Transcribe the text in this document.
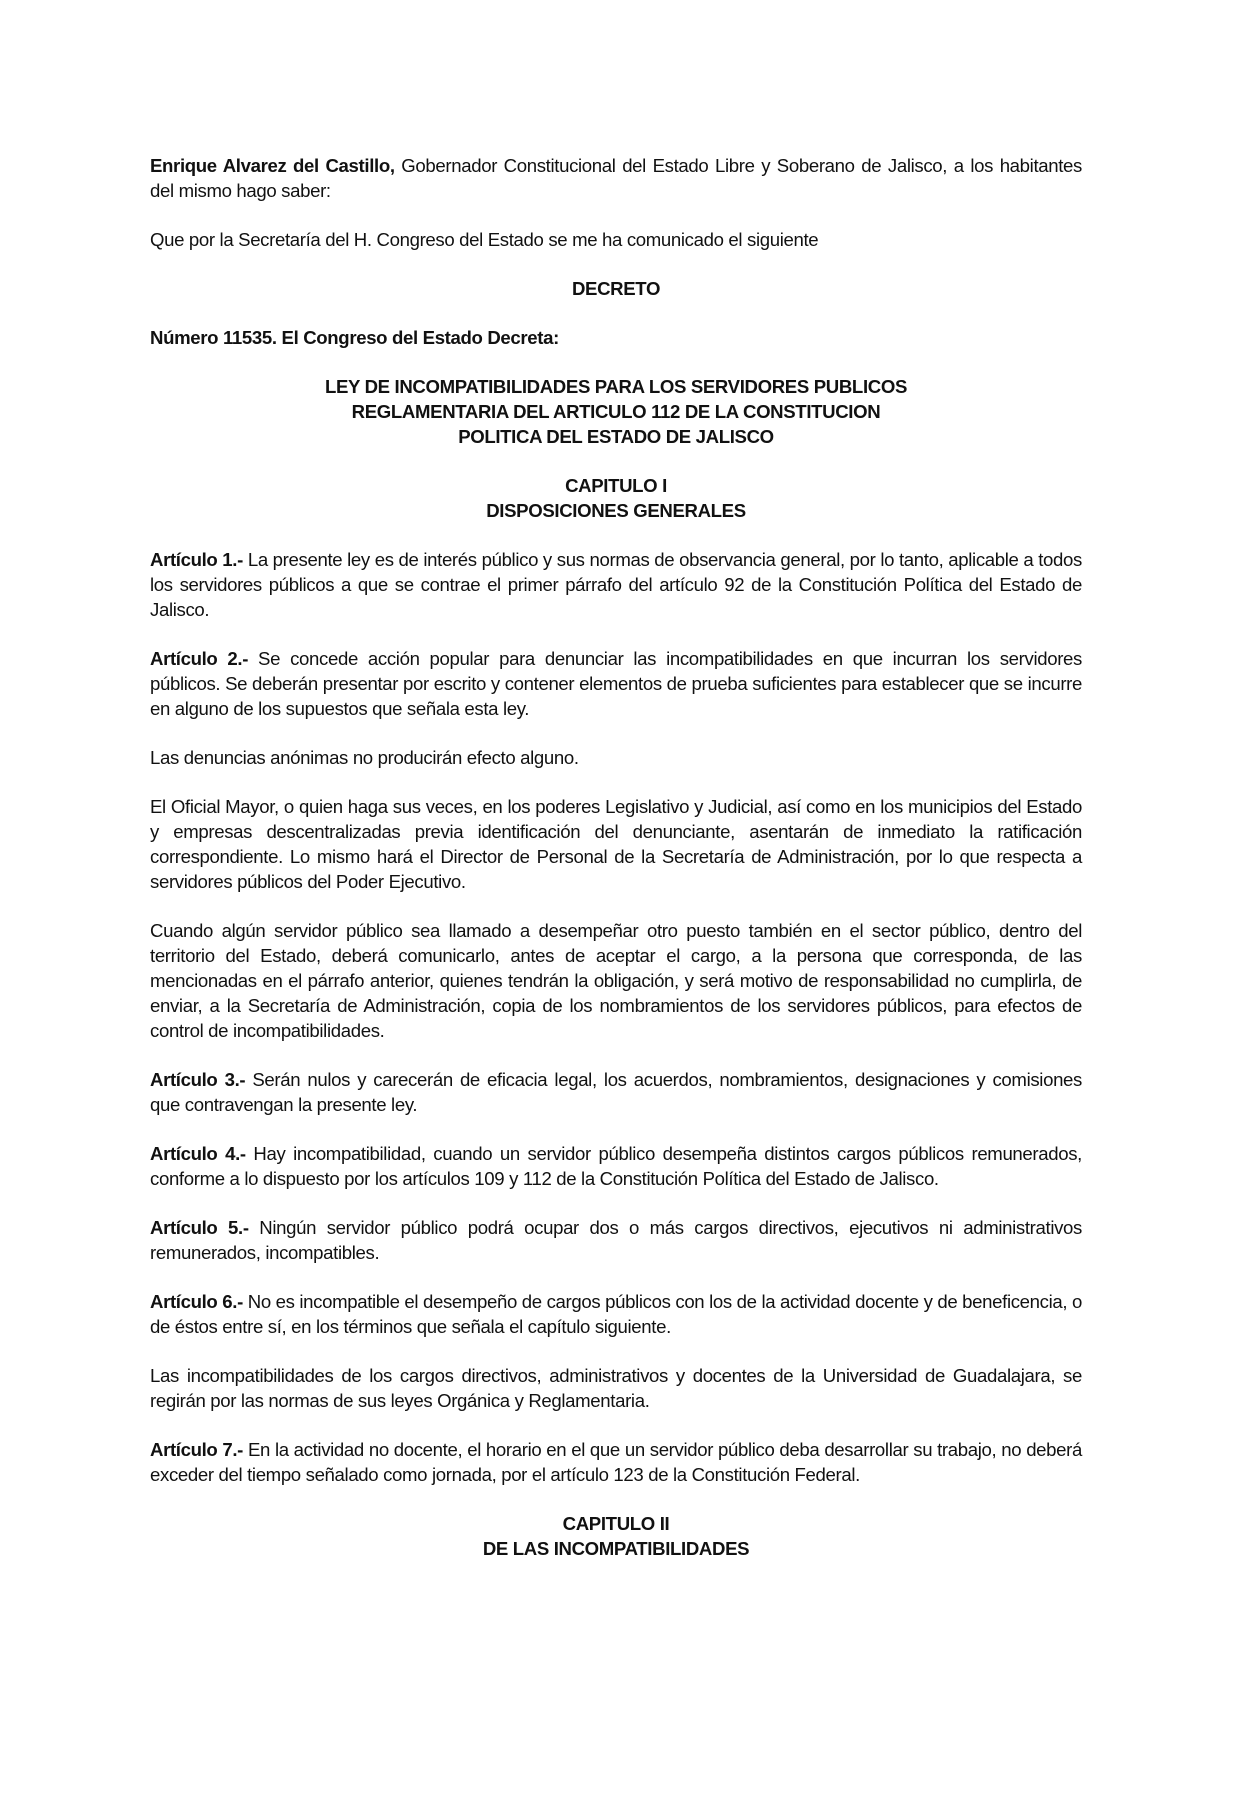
Enrique Alvarez del Castillo, Gobernador Constitucional del Estado Libre y Soberano de Jalisco, a los habitantes del mismo hago saber:

Que por la Secretaría del H. Congreso del Estado se me ha comunicado el siguiente

DECRETO

Número 11535. El Congreso del Estado Decreta:

LEY DE INCOMPATIBILIDADES PARA LOS SERVIDORES PUBLICOS
REGLAMENTARIA DEL ARTICULO 112 DE LA CONSTITUCION
POLITICA DEL ESTADO DE JALISCO
CAPITULO I
DISPOSICIONES GENERALES

Artículo 1.- La presente ley es de interés público y sus normas de observancia general, por lo tanto, aplicable a todos los servidores públicos a que se contrae el primer párrafo del artículo 92 de la Constitución Política del Estado de Jalisco.

Artículo 2.- Se concede acción popular para denunciar las incompatibilidades en que incurran los servidores públicos. Se deberán presentar por escrito y contener elementos de prueba suficientes para establecer que se incurre en alguno de los supuestos que señala esta ley.

Las denuncias anónimas no producirán efecto alguno.

El Oficial Mayor, o quien haga sus veces, en los poderes Legislativo y Judicial, así como en los municipios del Estado y empresas descentralizadas previa identificación del denunciante, asentarán de inmediato la ratificación correspondiente. Lo mismo hará el Director de Personal de la Secretaría de Administración, por lo que respecta a servidores públicos del Poder Ejecutivo.

Cuando algún servidor público sea llamado a desempeñar otro puesto también en el sector público, dentro del territorio del Estado, deberá comunicarlo, antes de aceptar el cargo, a la persona que corresponda, de las mencionadas en el párrafo anterior, quienes tendrán la obligación, y será motivo de responsabilidad no cumplirla, de enviar, a la Secretaría de Administración, copia de los nombramientos de los servidores públicos, para efectos de control de incompatibilidades.

Artículo 3.- Serán nulos y carecerán de eficacia legal, los acuerdos, nombramientos, designaciones y comisiones que contravengan la presente ley.

Artículo 4.- Hay incompatibilidad, cuando un servidor público desempeña distintos cargos públicos remunerados, conforme a lo dispuesto por los artículos 109 y 112 de la Constitución Política del Estado de Jalisco.

Artículo 5.- Ningún servidor público podrá ocupar dos o más cargos directivos, ejecutivos ni administrativos remunerados, incompatibles.

Artículo 6.- No es incompatible el desempeño de cargos públicos con los de la actividad docente y de beneficencia, o de éstos entre sí, en los términos que señala el capítulo siguiente.

Las incompatibilidades de los cargos directivos, administrativos y docentes de la Universidad de Guadalajara, se regirán por las normas de sus leyes Orgánica y Reglamentaria.

Artículo 7.- En la actividad no docente, el horario en el que un servidor público deba desarrollar su trabajo, no deberá exceder del tiempo señalado como jornada, por el artículo 123 de la Constitución Federal.

CAPITULO II
DE LAS INCOMPATIBILIDADES
